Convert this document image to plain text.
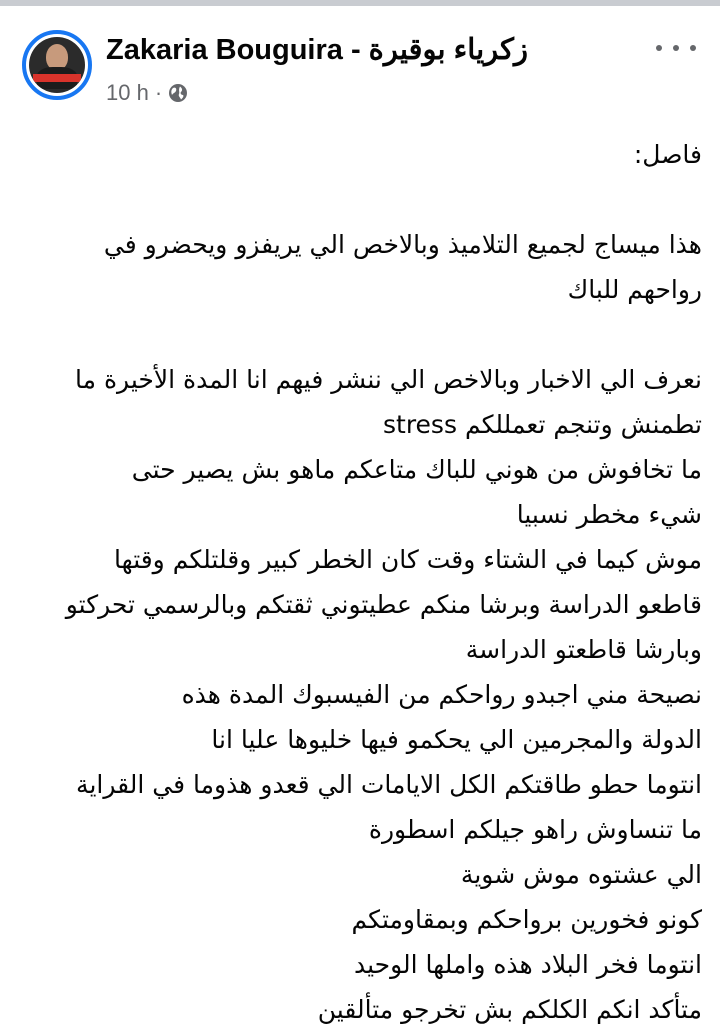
Zakaria Bouguira - زكرياء بوقيرة
10 h ·

فاصل:

هذا ميساج لجميع التلاميذ وبالاخص الي يريفزو ويحضرو في

رواحهم للباك

نعرف الي الاخبار وبالاخص الي ننشر فيهم انا المدة الأخيرة ما

تطمنش وتنجم تعمللكم stress

ما تخافوش من هوني للباك متاعكم ماهو بش يصير حتى

شيء مخطر نسبيا

موش كيما في الشتاء وقت كان الخطر كبير وقلتلكم وقتها

قاطعو الدراسة وبرشا منكم عطيتوني ثقتكم وبالرسمي تحركتو

وبارشا قاطعتو الدراسة

نصيحة مني اجبدو رواحكم من الفيسبوك المدة هذه

الدولة والمجرمين الي يحكمو فيها خليوها عليا انا

انتوما حطو طاقتكم الكل الايامات الي قعدو هذوما في القراية

ما تنساوش راهو جيلكم اسطورة

الي عشتوه موش شوية

كونو فخورين برواحكم وبمقاومتكم

انتوما فخر البلاد هذه واملها الوحيد

متأكد انكم الكلكم بش تخرجو متألقين
